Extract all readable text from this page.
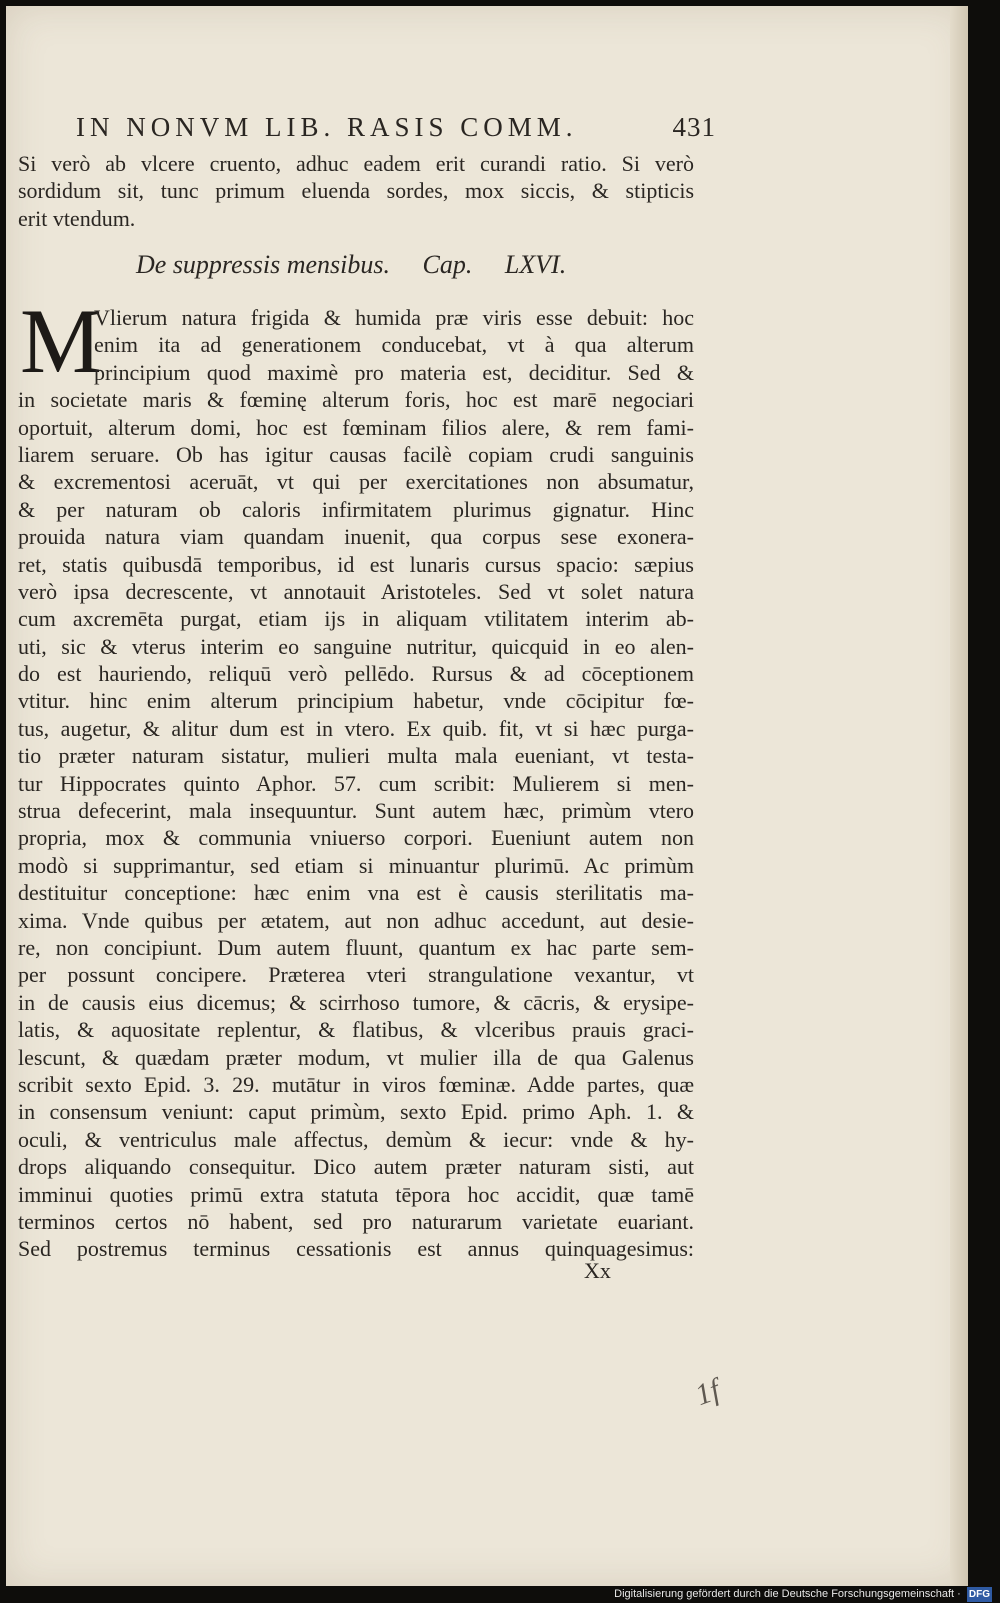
IN NONVM LIB. RASIS COMM.	431
Si verò ab vlcere cruento, adhuc eadem erit curandi ratio. Si verò
sordidum sit, tunc primum eluenda sordes, mox siccis, & stipticis
erit vtendum.
De suppressis mensibus. Cap. LXVI.
M
Vlierum natura frigida & humida præ viris esse debuit: hoc
enim ita ad generationem conducebat, vt à qua alterum
principium quod maximè pro materia est, deciditur. Sed &
in societate maris & fœminę alterum foris, hoc est marē negociari
oportuit, alterum domi, hoc est fœminam filios alere, & rem fami-
liarem seruare. Ob has igitur causas facilè copiam crudi sanguinis
& excrementosi aceruāt, vt qui per exercitationes non absumatur,
& per naturam ob caloris infirmitatem plurimus gignatur. Hinc
prouida natura viam quandam inuenit, qua corpus sese exonera-
ret, statis quibusdā temporibus, id est lunaris cursus spacio: sæpius
verò ipsa decrescente, vt annotauit Aristoteles. Sed vt solet natura
cum axcremēta purgat, etiam ijs in aliquam vtilitatem interim ab-
uti, sic & vterus interim eo sanguine nutritur, quicquid in eo alen-
do est hauriendo, reliquū verò pellēdo. Rursus & ad cōceptionem
vtitur. hinc enim alterum principium habetur, vnde cōcipitur fœ-
tus, augetur, & alitur dum est in vtero. Ex quib. fit, vt si hæc purga-
tio præter naturam sistatur, mulieri multa mala eueniant, vt testa-
tur Hippocrates quinto Aphor. 57. cum scribit: Mulierem si men-
strua defecerint, mala insequuntur. Sunt autem hæc, primùm vtero
propria, mox & communia vniuerso corpori. Eueniunt autem non
modò si supprimantur, sed etiam si minuantur plurimū. Ac primùm
destituitur conceptione: hæc enim vna est è causis sterilitatis ma-
xima. Vnde quibus per ætatem, aut non adhuc accedunt, aut desie-
re, non concipiunt. Dum autem fluunt, quantum ex hac parte sem-
per possunt concipere. Præterea vteri strangulatione vexantur, vt
in de causis eius dicemus; & scirrhoso tumore, & cācris, & erysipe-
latis, & aquositate replentur, & flatibus, & vlceribus prauis graci-
lescunt, & quædam præter modum, vt mulier illa de qua Galenus
scribit sexto Epid. 3. 29. mutātur in viros fœminæ. Adde partes, quæ
in consensum veniunt: caput primùm, sexto Epid. primo Aph. 1. &
oculi, & ventriculus male affectus, demùm & iecur: vnde & hy-
drops aliquando consequitur. Dico autem præter naturam sisti, aut
imminui quoties primū extra statuta tēpora hoc accidit, quæ tamē
terminos certos nō habent, sed pro naturarum varietate euariant.
Sed postremus terminus cessationis est annus quinquagesimus:
Xx
1f
Digitalisierung gefördert durch die Deutsche Forschungsgemeinschaft · DFG
